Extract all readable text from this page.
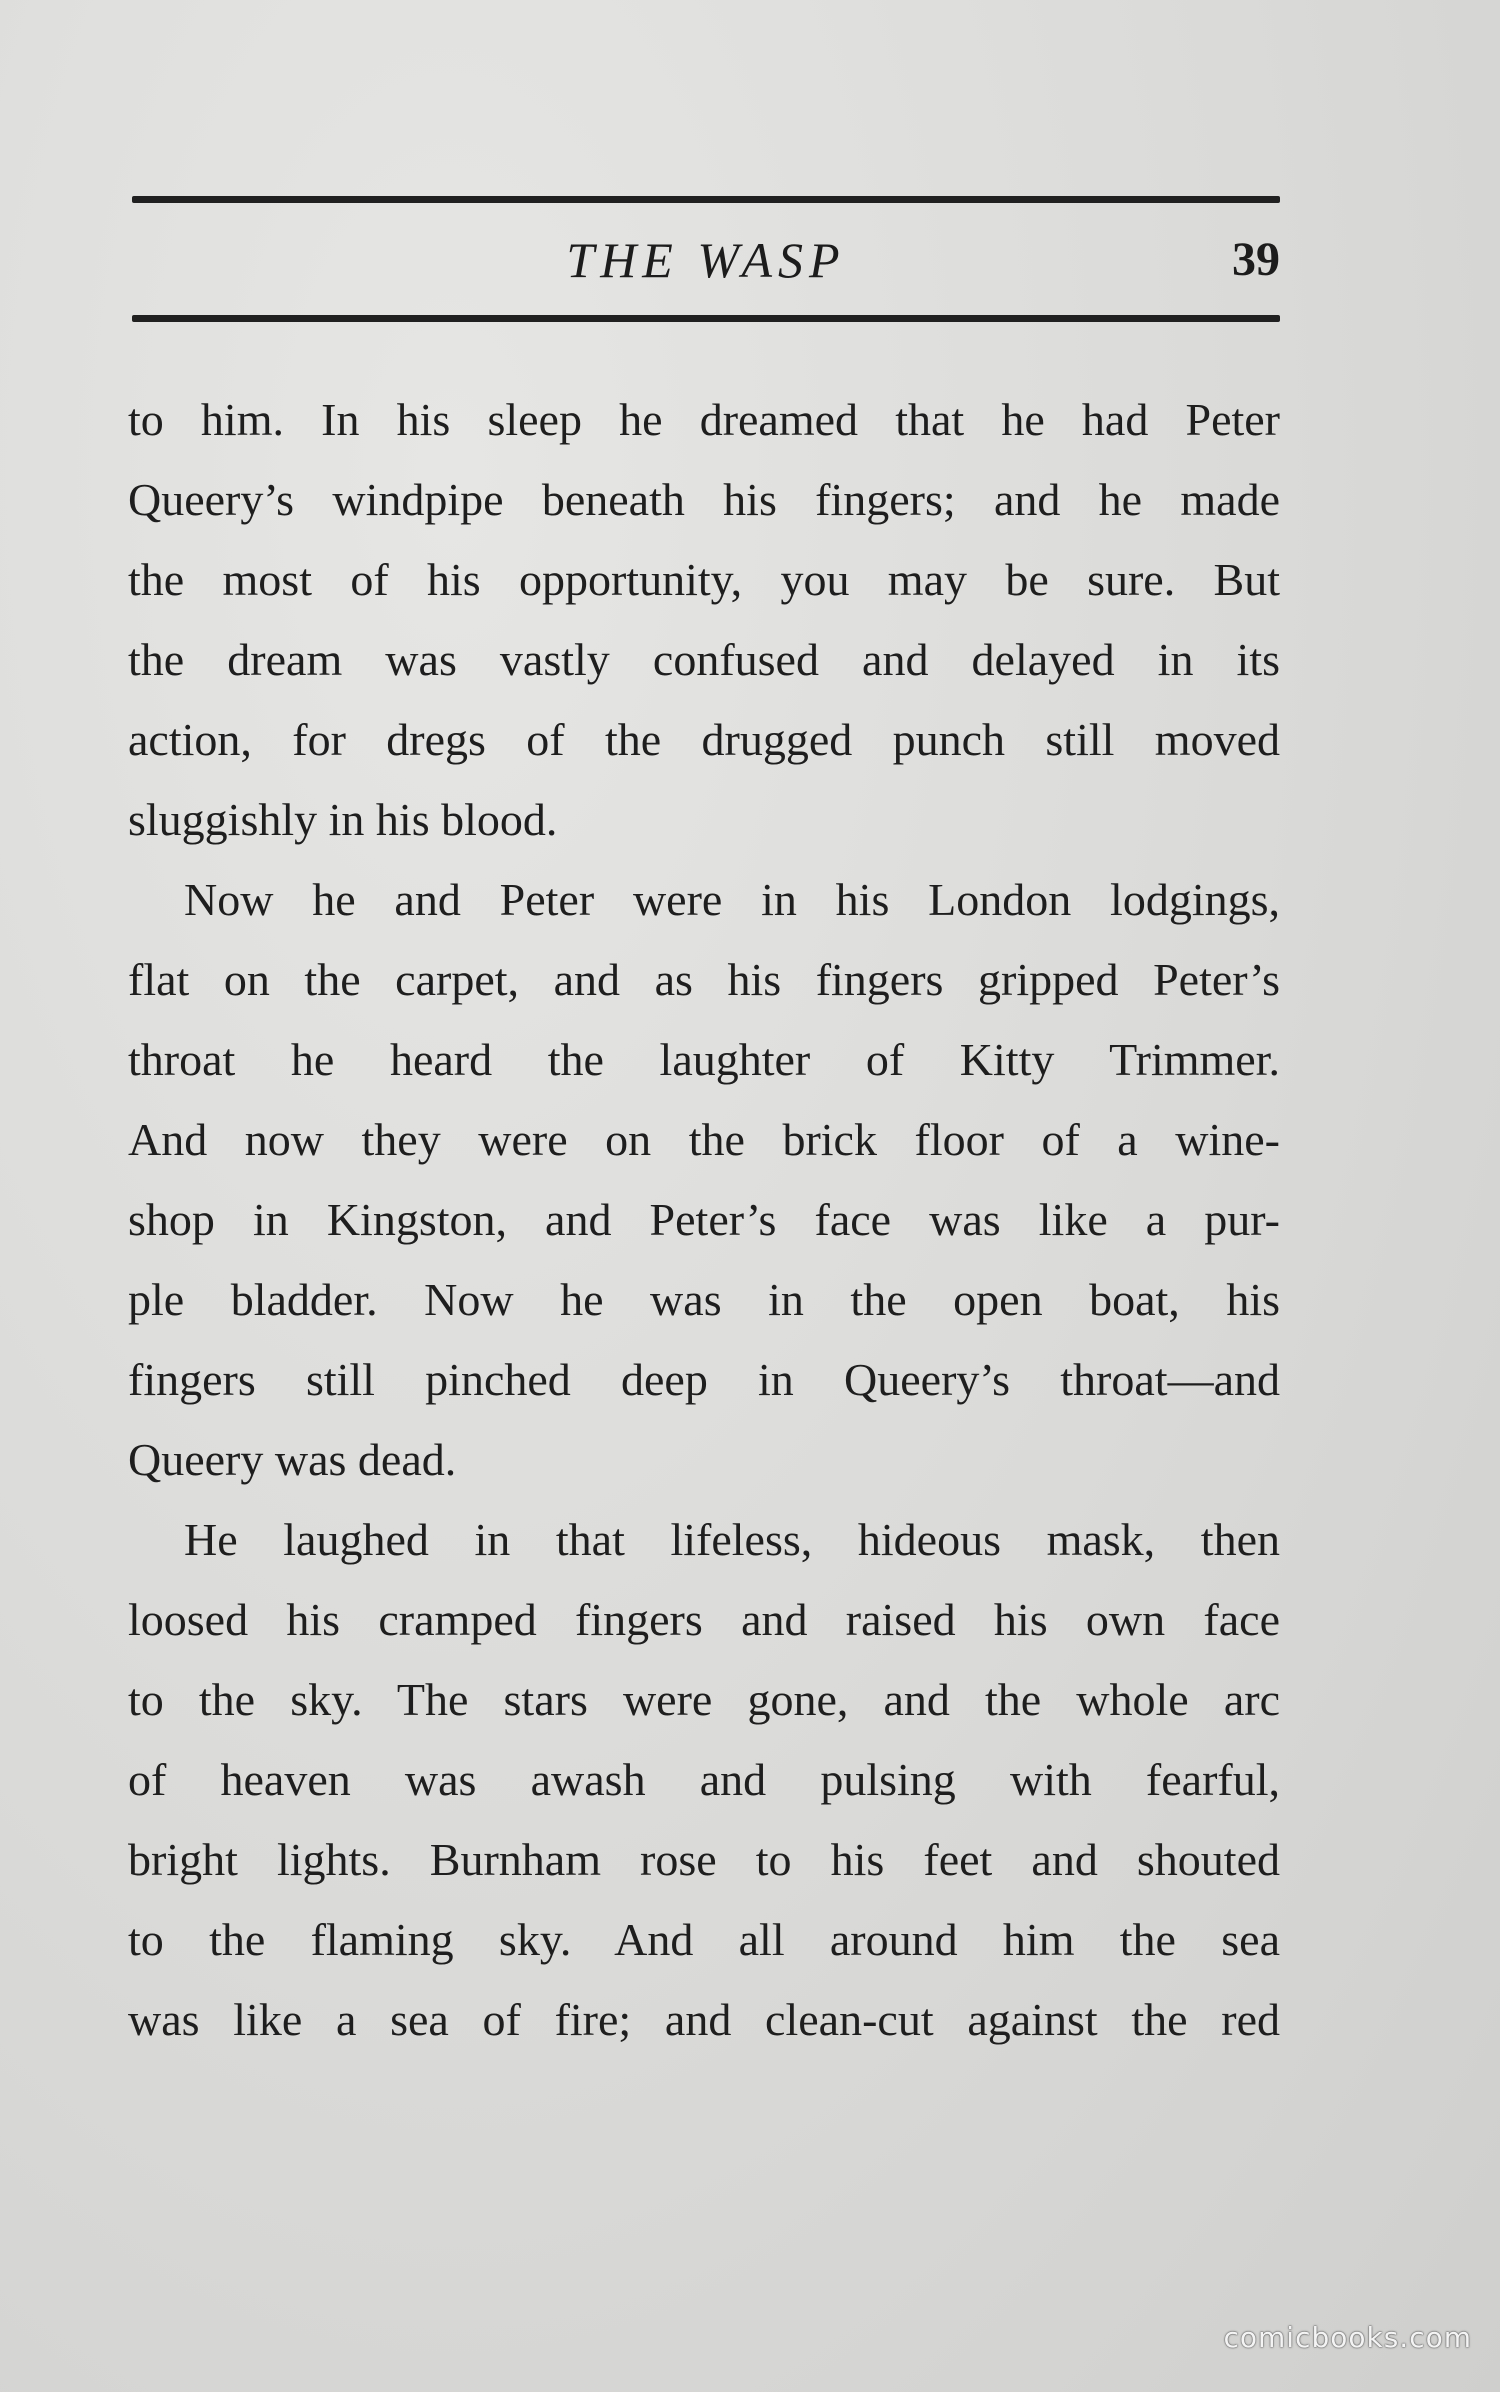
THE WASP	39
to him. In his sleep he dreamed that he had Peter
Queery’s windpipe beneath his fingers; and he made
the most of his opportunity, you may be sure. But
the dream was vastly confused and delayed in its
action, for dregs of the drugged punch still moved
sluggishly in his blood.
Now he and Peter were in his London lodgings,
flat on the carpet, and as his fingers gripped Peter’s
throat he heard the laughter of Kitty Trimmer.
And now they were on the brick floor of a wine-
shop in Kingston, and Peter’s face was like a pur-
ple bladder. Now he was in the open boat, his
fingers still pinched deep in Queery’s throat—and
Queery was dead.
He laughed in that lifeless, hideous mask, then
loosed his cramped fingers and raised his own face
to the sky. The stars were gone, and the whole arc
of heaven was awash and pulsing with fearful,
bright lights. Burnham rose to his feet and shouted
to the flaming sky. And all around him the sea
was like a sea of fire; and clean-cut against the red
comicbooks.com
